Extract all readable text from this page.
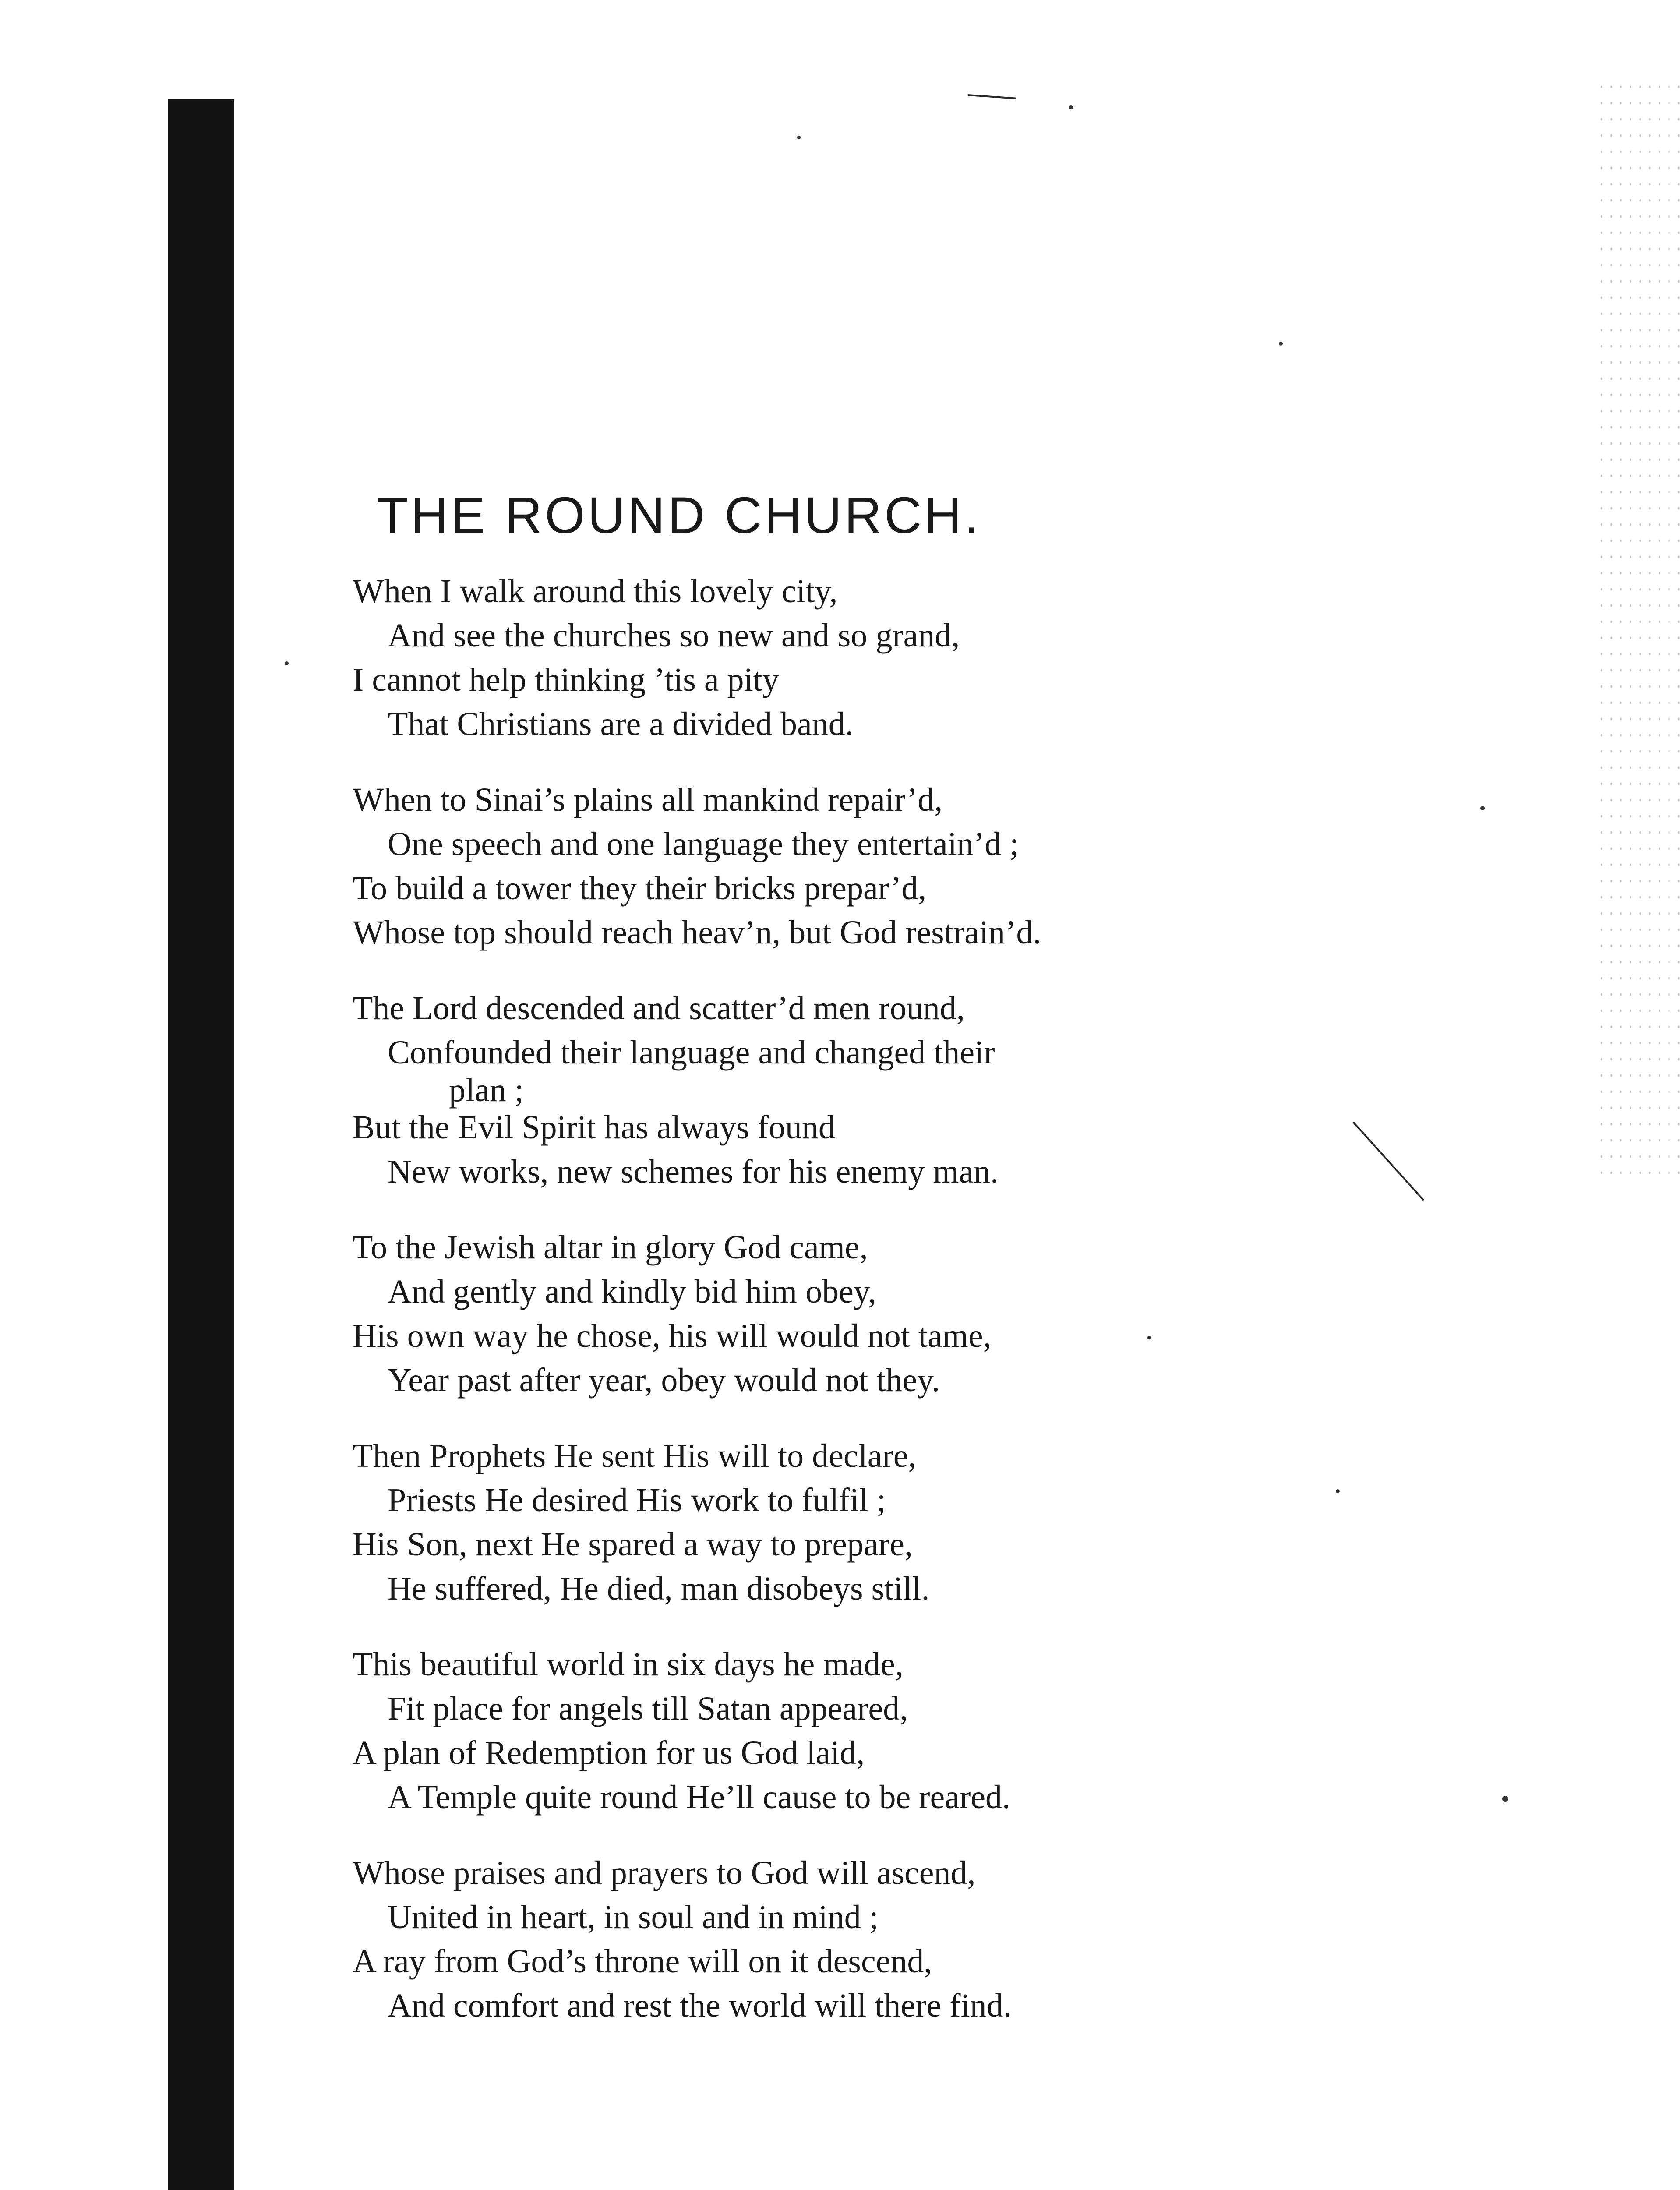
THE ROUND CHURCH.
When I walk around this lovely city,
And see the churches so new and so grand,
I cannot help thinking ’tis a pity
That Christians are a divided band.
When to Sinai’s plains all mankind repair’d,
One speech and one language they entertain’d ;
To build a tower they their bricks prepar’d,
Whose top should reach heav’n, but God restrain’d.
The Lord descended and scatter’d men round,
Confounded their language and changed their
plan ;
But the Evil Spirit has always found
New works, new schemes for his enemy man.
To the Jewish altar in glory God came,
And gently and kindly bid him obey,
His own way he chose, his will would not tame,
Year past after year, obey would not they.
Then Prophets He sent His will to declare,
Priests He desired His work to fulfil ;
His Son, next He spared a way to prepare,
He suffered, He died, man disobeys still.
This beautiful world in six days he made,
Fit place for angels till Satan appeared,
A plan of Redemption for us God laid,
A Temple quite round He’ll cause to be reared.
Whose praises and prayers to God will ascend,
United in heart, in soul and in mind ;
A ray from God’s throne will on it descend,
And comfort and rest the world will there find.
